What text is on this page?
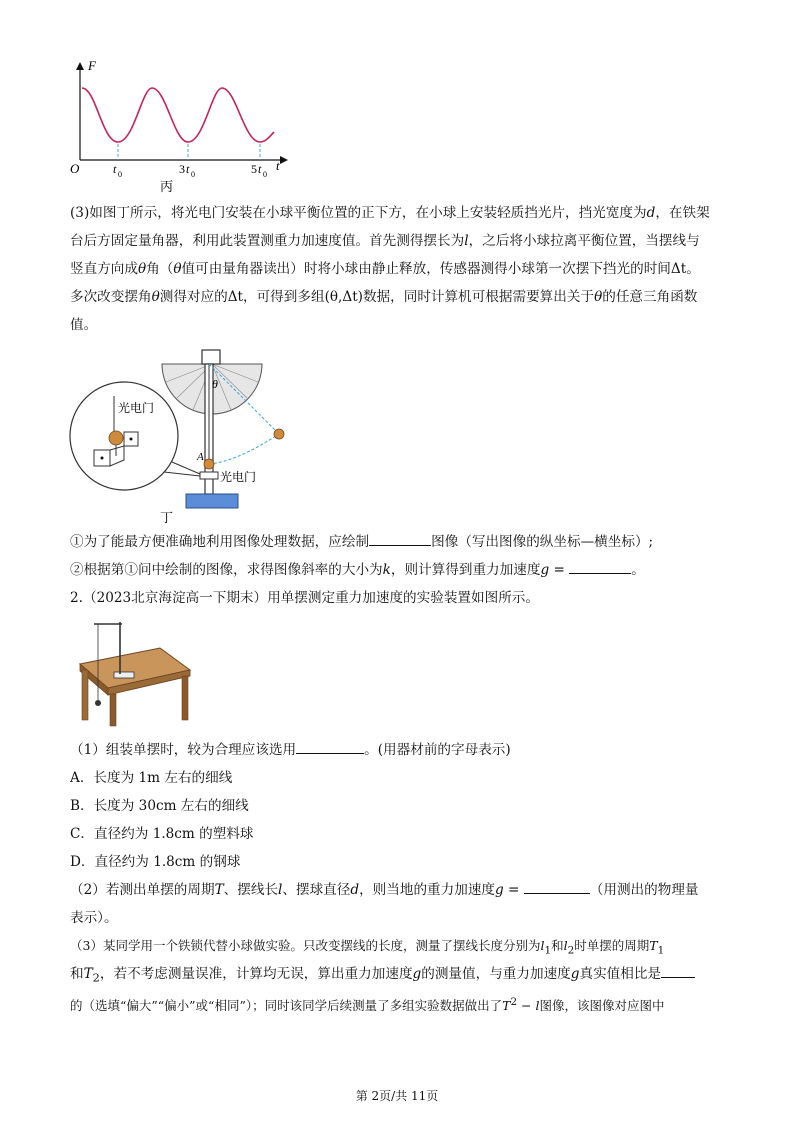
F
O	t
t 0	3 t 0	5 t 0
丙
(3)如图丁所示，将光电门安装在小球平衡位置的正下方，在小球上安装轻质挡光片，挡光宽度为d，在铁架
台后方固定量角器，利用此装置测重力加速度值。首先测得摆长为l，之后将小球拉离平衡位置，当摆线与
竖直方向成θ角（θ值可由量角器读出）时将小球由静止释放，传感器测得小球第一次摆下挡光的时间Δt。
多次改变摆角θ测得对应的Δt，可得到多组(θ,Δt)数据，同时计算机可根据需要算出关于θ的任意三角函数
值。
θ
A
光电门
光电门
丁
①为了能最方便准确地利用图像处理数据，应绘制	图像（写出图像的纵坐标—横坐标）;
②根据第①问中绘制的图像，求得图像斜率的大小为k，则计算得到重力加速度g =	。
2.（2023北京海淀高一下期末）用单摆测定重力加速度的实验装置如图所示。
（1）组装单摆时，较为合理应该选用	。(用器材前的字母表示)
A．长度为 1m 左右的细线
B．长度为 30cm 左右的细线
C．直径约为 1.8cm 的塑料球
D．直径约为 1.8cm 的钢球
（2）若测出单摆的周期T、摆线长l、摆球直径d，则当地的重力加速度g =	（用测出的物理量
表示）。
（3）某同学用一个铁锁代替小球做实验。只改变摆线的长度，测量了摆线长度分别为$l_1$和$l_2$时单摆的周期$T_1$
和$T_2$，若不考虑测量误准，计算均无误，算出重力加速度g的测量值，与重力加速度g真实值相比是
的（选填“偏大”“偏小”或“相同”）；同时该同学后续测量了多组实验数据做出了$T^2 - l$图像，该图像对应图中
第 2页/共 11页
